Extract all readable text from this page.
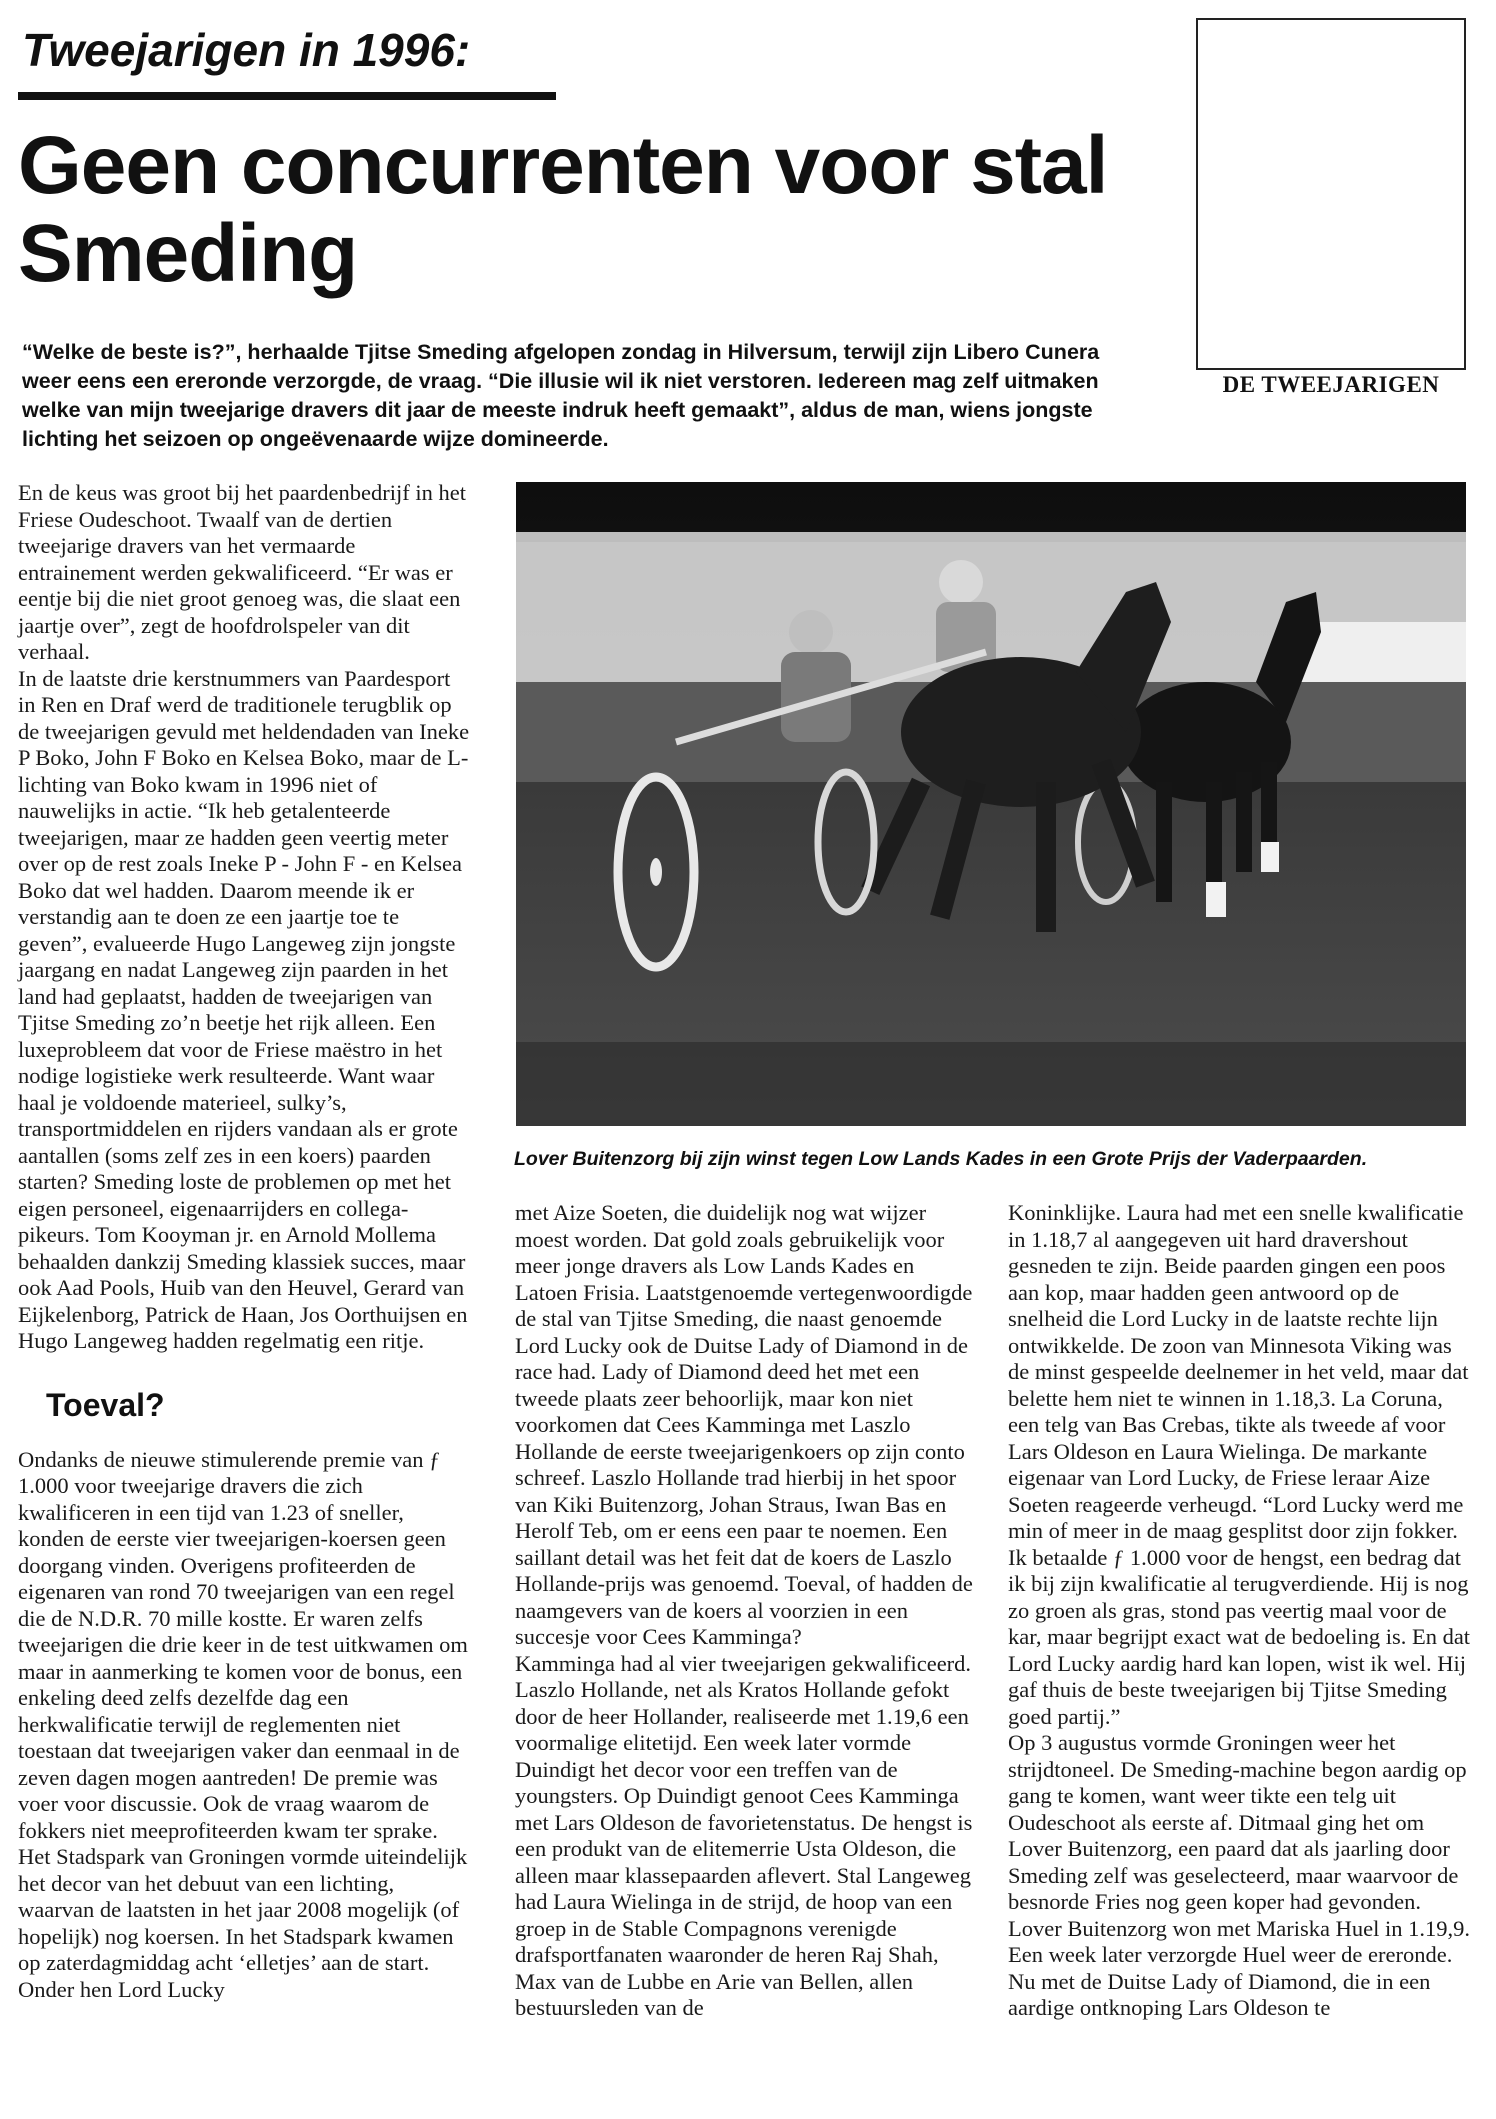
Tweejarigen in 1996:
Geen concurrenten voor stal Smeding

“Welke de beste is?”, herhaalde Tjitse Smeding afgelopen zondag in Hilversum, terwijl zijn Libero Cunera weer eens een ereronde verzorgde, de vraag. “Die illusie wil ik niet verstoren. Iedereen mag zelf uitmaken welke van mijn tweejarige dravers dit jaar de meeste indruk heeft gemaakt”, aldus de man, wiens jongste lichting het seizoen op ongeëvenaarde wijze domineerde.

DE TWEEJARIGEN

En de keus was groot bij het paardenbedrijf in het Friese Oudeschoot. Twaalf van de dertien tweejarige dravers van het vermaarde entrainement werden gekwalificeerd. “Er was er eentje bij die niet groot genoeg was, die slaat een jaartje over”, zegt de hoofdrolspeler van dit verhaal.

In de laatste drie kerstnummers van Paardesport in Ren en Draf werd de traditionele terugblik op de tweejarigen gevuld met heldendaden van Ineke P Boko, John F Boko en Kelsea Boko, maar de L-lichting van Boko kwam in 1996 niet of nauwelijks in actie. “Ik heb getalenteerde tweejarigen, maar ze hadden geen veertig meter over op de rest zoals Ineke P - John F - en Kelsea Boko dat wel hadden. Daarom meende ik er verstandig aan te doen ze een jaartje toe te geven”, evalueerde Hugo Langeweg zijn jongste jaargang en nadat Langeweg zijn paarden in het land had geplaatst, hadden de tweejarigen van Tjitse Smeding zo’n beetje het rijk alleen. Een luxeprobleem dat voor de Friese maëstro in het nodige logistieke werk resulteerde. Want waar haal je voldoende materieel, sulky’s, transportmiddelen en rijders vandaan als er grote aantallen (soms zelf zes in een koers) paarden starten? Smeding loste de problemen op met het eigen personeel, eigenaarrijders en collega-pikeurs. Tom Kooyman jr. en Arnold Mollema behaalden dankzij Smeding klassiek succes, maar ook Aad Pools, Huib van den Heuvel, Gerard van Eijkelenborg, Patrick de Haan, Jos Oorthuijsen en Hugo Langeweg hadden regelmatig een ritje.

Toeval?

Ondanks de nieuwe stimulerende premie van ƒ 1.000 voor tweejarige dravers die zich kwalificeren in een tijd van 1.23 of sneller, konden de eerste vier tweejarigen-koersen geen doorgang vinden. Overigens profiteerden de eigenaren van rond 70 tweejarigen van een regel die de N.D.R. 70 mille kostte. Er waren zelfs tweejarigen die drie keer in de test uitkwamen om maar in aanmerking te komen voor de bonus, een enkeling deed zelfs dezelfde dag een herkwalificatie terwijl de reglementen niet toestaan dat tweejarigen vaker dan eenmaal in de zeven dagen mogen aantreden! De premie was voer voor discussie. Ook de vraag waarom de fokkers niet meeprofiteerden kwam ter sprake.

Het Stadspark van Groningen vormde uiteindelijk het decor van het debuut van een lichting, waarvan de laatsten in het jaar 2008 mogelijk (of hopelijk) nog koersen. In het Stadspark kwamen op zaterdagmiddag acht ‘elletjes’ aan de start. Onder hen Lord Lucky

Lover Buitenzorg bij zijn winst tegen Low Lands Kades in een Grote Prijs der Vaderpaarden.

met Aize Soeten, die duidelijk nog wat wijzer moest worden. Dat gold zoals gebruikelijk voor meer jonge dravers als Low Lands Kades en Latoen Frisia. Laatstgenoemde vertegenwoordigde de stal van Tjitse Smeding, die naast genoemde Lord Lucky ook de Duitse Lady of Diamond in de race had. Lady of Diamond deed het met een tweede plaats zeer behoorlijk, maar kon niet voorkomen dat Cees Kamminga met Laszlo Hollande de eerste tweejarigenkoers op zijn conto schreef. Laszlo Hollande trad hierbij in het spoor van Kiki Buitenzorg, Johan Straus, Iwan Bas en Herolf Teb, om er eens een paar te noemen. Een saillant detail was het feit dat de koers de Laszlo Hollande-prijs was genoemd. Toeval, of hadden de naamgevers van de koers al voorzien in een succesje voor Cees Kamminga?

Kamminga had al vier tweejarigen gekwalificeerd. Laszlo Hollande, net als Kratos Hollande gefokt door de heer Hollander, realiseerde met 1.19,6 een voormalige elitetijd. Een week later vormde Duindigt het decor voor een treffen van de youngsters. Op Duindigt genoot Cees Kamminga met Lars Oldeson de favorietenstatus. De hengst is een produkt van de elitemerrie Usta Oldeson, die alleen maar klassepaarden aflevert. Stal Langeweg had Laura Wielinga in de strijd, de hoop van een groep in de Stable Compagnons verenigde drafsportfanaten waaronder de heren Raj Shah, Max van de Lubbe en Arie van Bellen, allen bestuursleden van de

Koninklijke. Laura had met een snelle kwalificatie in 1.18,7 al aangegeven uit hard dravershout gesneden te zijn. Beide paarden gingen een poos aan kop, maar hadden geen antwoord op de snelheid die Lord Lucky in de laatste rechte lijn ontwikkelde. De zoon van Minnesota Viking was de minst gespeelde deelnemer in het veld, maar dat belette hem niet te winnen in 1.18,3. La Coruna, een telg van Bas Crebas, tikte als tweede af voor Lars Oldeson en Laura Wielinga. De markante eigenaar van Lord Lucky, de Friese leraar Aize Soeten reageerde verheugd. “Lord Lucky werd me min of meer in de maag gesplitst door zijn fokker. Ik betaalde ƒ 1.000 voor de hengst, een bedrag dat ik bij zijn kwalificatie al terugverdiende. Hij is nog zo groen als gras, stond pas veertig maal voor de kar, maar begrijpt exact wat de bedoeling is. En dat Lord Lucky aardig hard kan lopen, wist ik wel. Hij gaf thuis de beste tweejarigen bij Tjitse Smeding goed partij.”

Op 3 augustus vormde Groningen weer het strijdtoneel. De Smeding-machine begon aardig op gang te komen, want weer tikte een telg uit Oudeschoot als eerste af. Ditmaal ging het om Lover Buitenzorg, een paard dat als jaarling door Smeding zelf was geselecteerd, maar waarvoor de besnorde Fries nog geen koper had gevonden. Lover Buitenzorg won met Mariska Huel in 1.19,9.

Een week later verzorgde Huel weer de ereronde. Nu met de Duitse Lady of Diamond, die in een aardige ontknoping Lars Oldeson te
